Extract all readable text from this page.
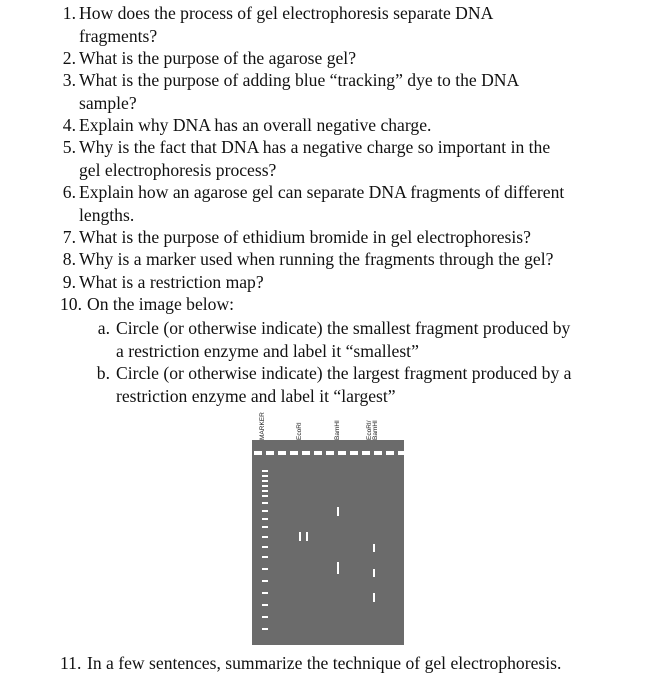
1. How does the process of gel electrophoresis separate DNA
fragments?
2. What is the purpose of the agarose gel?
3. What is the purpose of adding blue “tracking” dye to the DNA
sample?
4. Explain why DNA has an overall negative charge.
5. Why is the fact that DNA has a negative charge so important in the
gel electrophoresis process?
6. Explain how an agarose gel can separate DNA fragments of different
lengths.
7. What is the purpose of ethidium bromide in gel electrophoresis?
8. Why is a marker used when running the fragments through the gel?
9. What is a restriction map?
10. On the image below:
a. Circle (or otherwise indicate) the smallest fragment produced by
a restriction enzyme and label it “smallest”
b. Circle (or otherwise indicate) the largest fragment produced by a
restriction enzyme and label it “largest”
MARKER	EcoRI	BamHI	EcoRI/ BamHI
11. In a few sentences, summarize the technique of gel electrophoresis.
